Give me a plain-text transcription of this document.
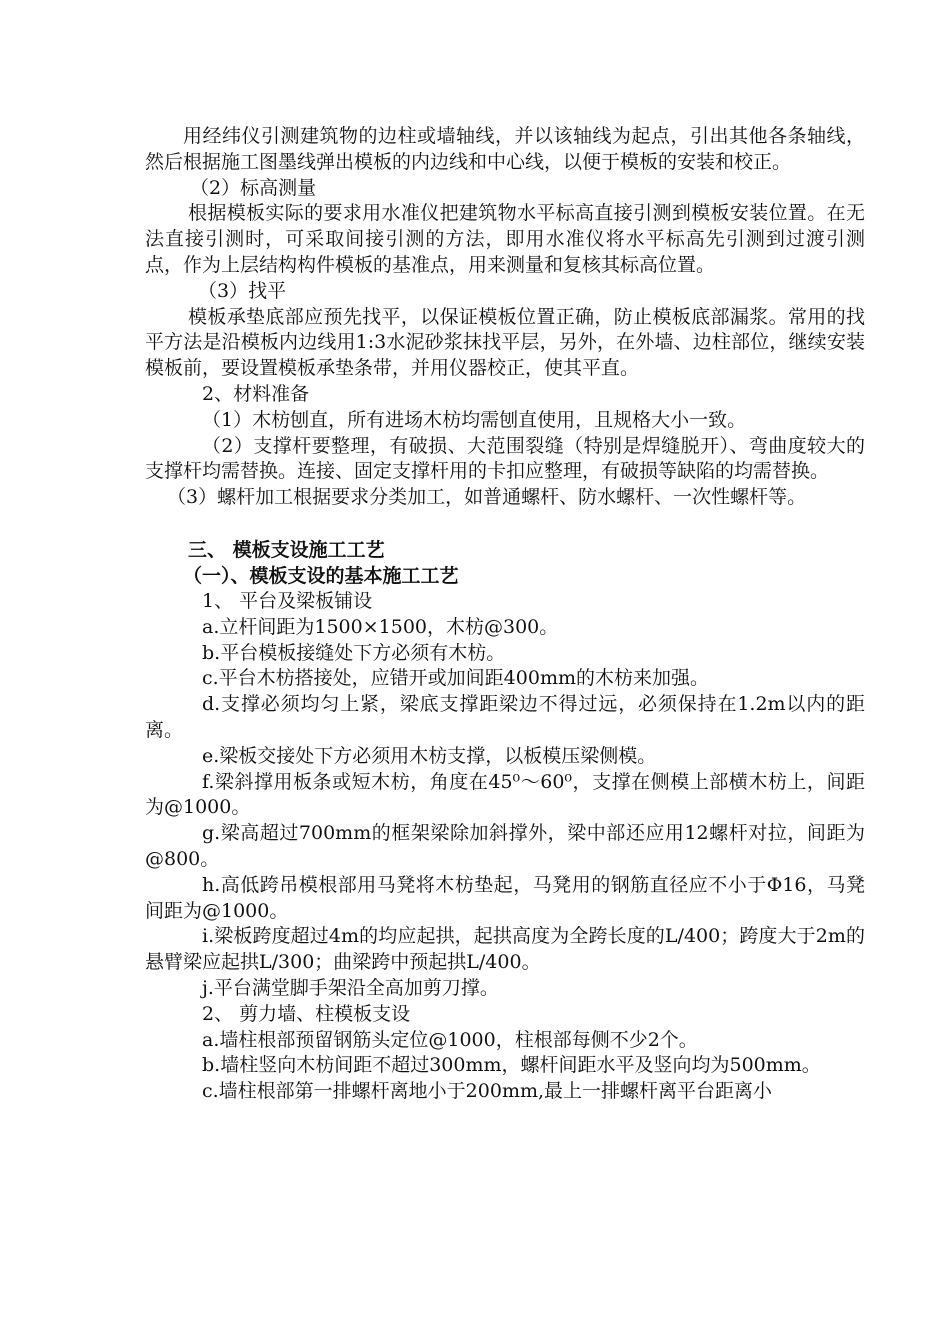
用经纬仪引测建筑物的边柱或墙轴线，并以该轴线为起点，引出其他各条轴线，然后根据施工图墨线弹出模板的内边线和中心线，以便于模板的安装和校正。

（2）标高测量

根据模板实际的要求用水准仪把建筑物水平标高直接引测到模板安装位置。在无法直接引测时，可采取间接引测的方法，即用水准仪将水平标高先引测到过渡引测点，作为上层结构构件模板的基准点，用来测量和复核其标高位置。

（3）找平

模板承垫底部应预先找平，以保证模板位置正确，防止模板底部漏浆。常用的找平方法是沿模板内边线用1:3水泥砂浆抹找平层，另外，在外墙、边柱部位，继续安装模板前，要设置模板承垫条带，并用仪器校正，使其平直。

2、材料准备

（1）木枋刨直，所有进场木枋均需刨直使用，且规格大小一致。

（2）支撑杆要整理，有破损、大范围裂缝（特别是焊缝脱开）、弯曲度较大的支撑杆均需替换。连接、固定支撑杆用的卡扣应整理，有破损等缺陷的均需替换。

（3）螺杆加工根据要求分类加工，如普通螺杆、防水螺杆、一次性螺杆等。

三、 模板支设施工工艺

（一）、模板支设的基本施工工艺

1、 平台及梁板铺设

a.立杆间距为1500×1500，木枋@300。

b.平台模板接缝处下方必须有木枋。

c.平台木枋搭接处，应错开或加间距400mm的木枋来加强。

d.支撑必须均匀上紧，梁底支撑距梁边不得过远，必须保持在1.2m以内的距离。

e.梁板交接处下方必须用木枋支撑，以板模压梁侧模。

f.梁斜撑用板条或短木枋，角度在45⁰～60⁰，支撑在侧模上部横木枋上，间距为@1000。

g.梁高超过700mm的框架梁除加斜撑外，梁中部还应用12螺杆对拉，间距为@800。

h.高低跨吊模根部用马凳将木枋垫起，马凳用的钢筋直径应不小于Φ16，马凳间距为@1000。

i.梁板跨度超过4m的均应起拱，起拱高度为全跨长度的L/400；跨度大于2m的悬臂梁应起拱L/300；曲梁跨中预起拱L/400。

j.平台满堂脚手架沿全高加剪刀撑。

2、 剪力墙、柱模板支设

a.墙柱根部预留钢筋头定位@1000，柱根部每侧不少2个。

b.墙柱竖向木枋间距不超过300mm，螺杆间距水平及竖向均为500mm。

c.墙柱根部第一排螺杆离地小于200mm,最上一排螺杆离平台距离小
